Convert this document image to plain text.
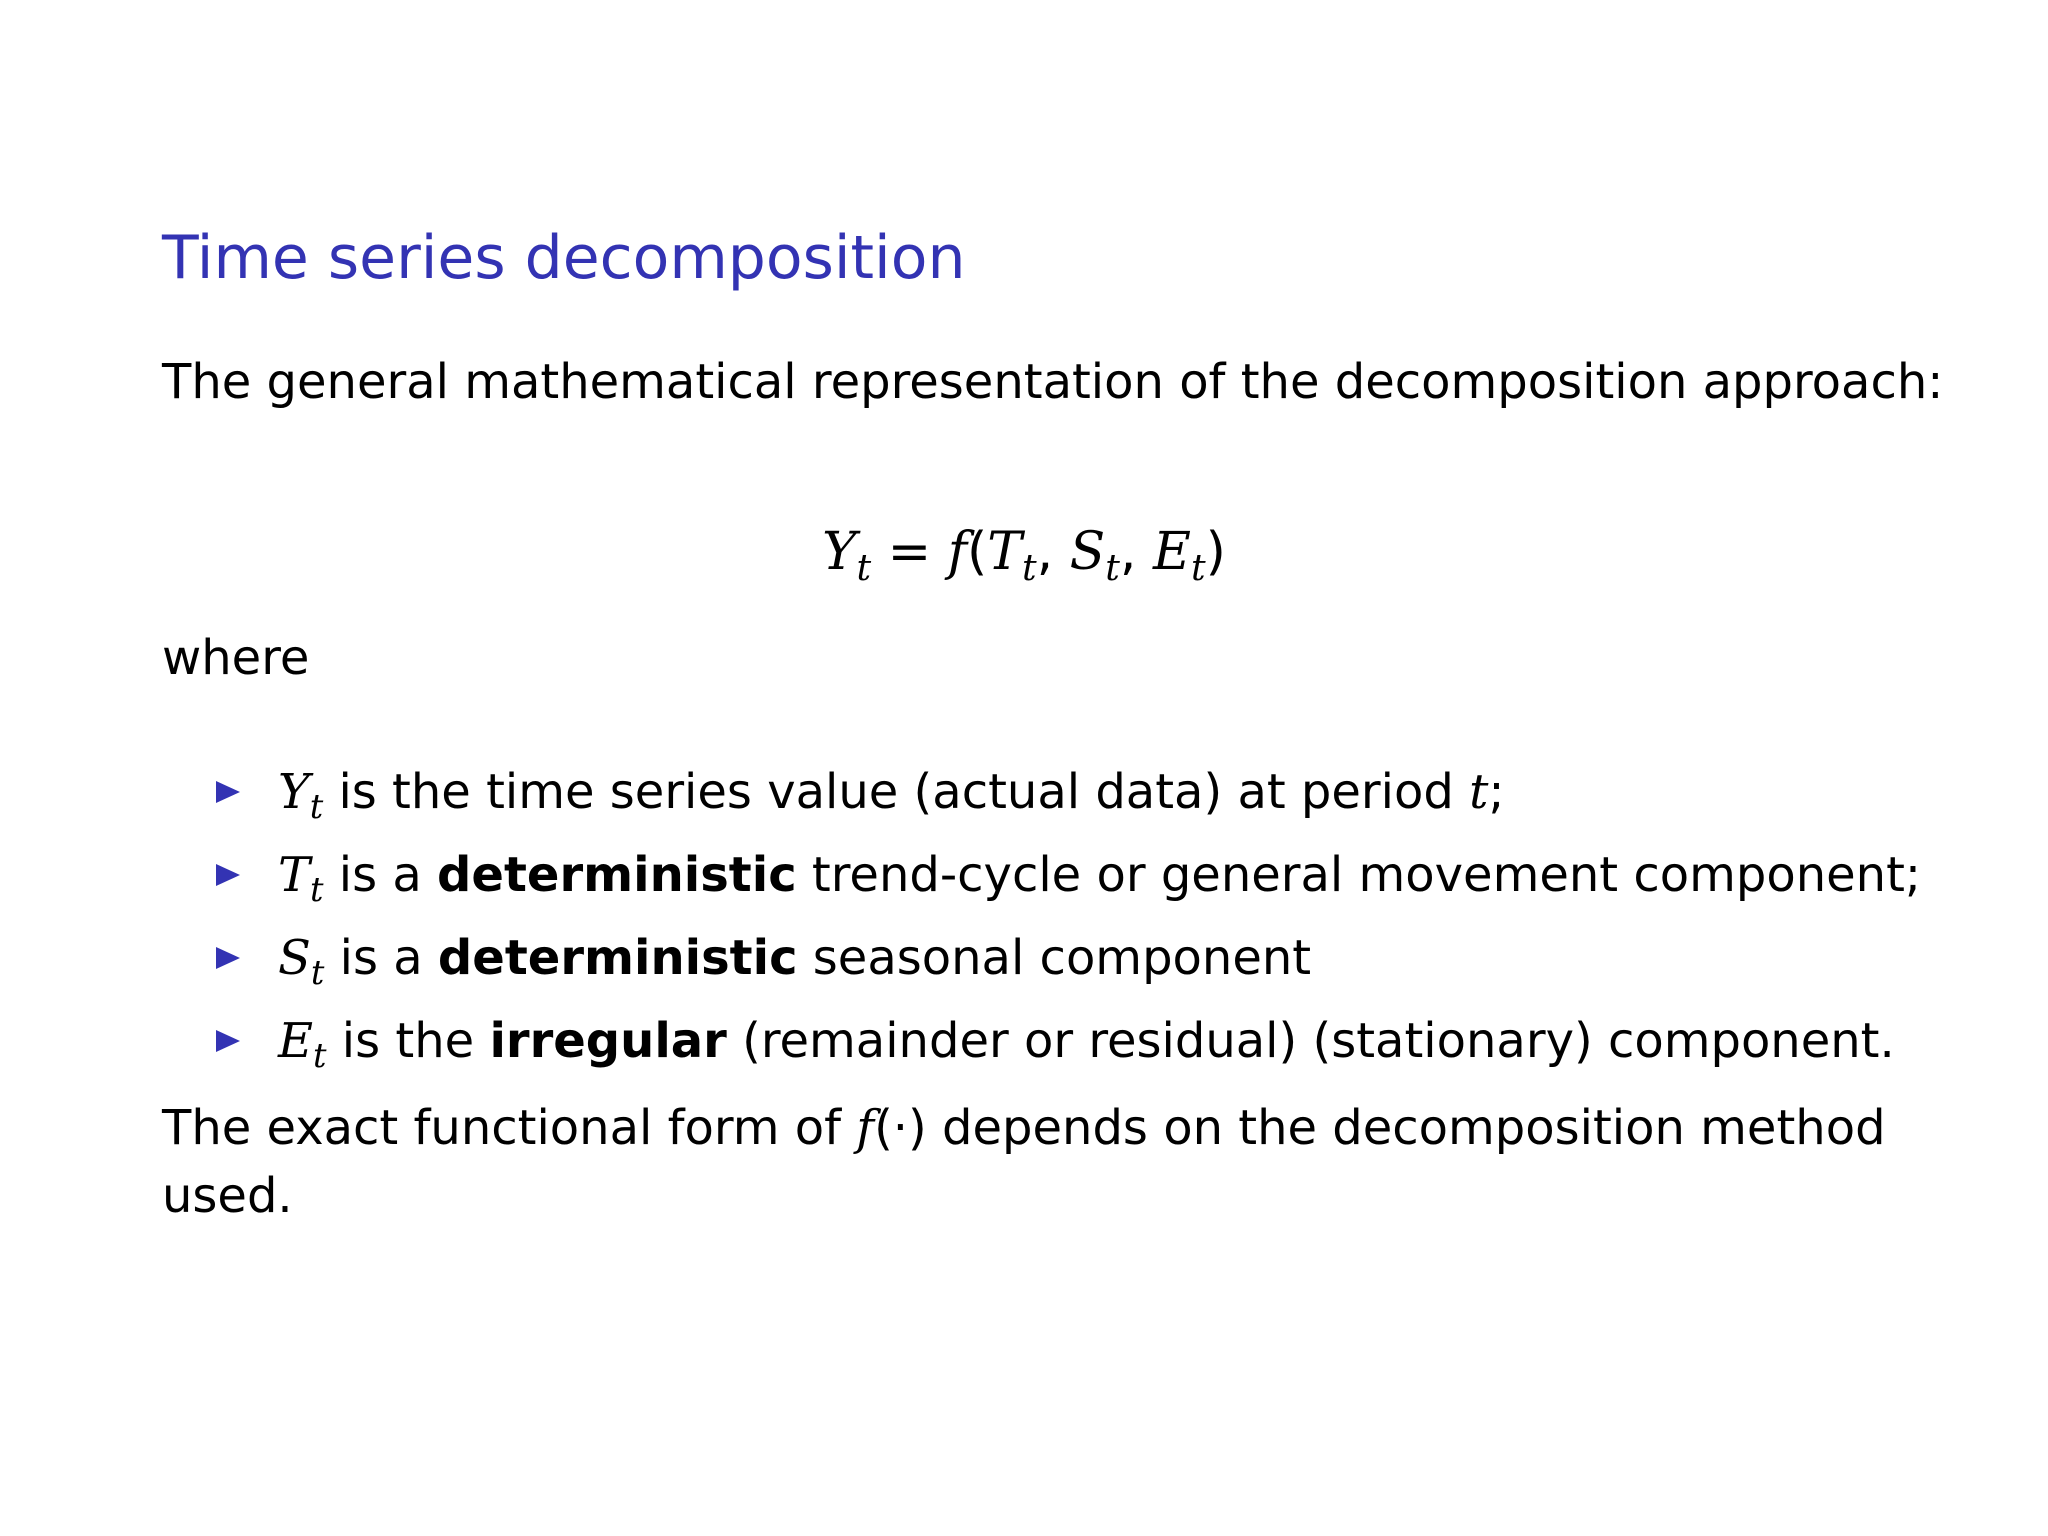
Time series decomposition
The general mathematical representation of the decomposition approach:
$Y_t = f(T_t$, $S_t$, $E_t$)
where
$Y_t$ is the time series value (actual data) at period t;
$T_t$ is a deterministic trend-cycle or general movement component;
$S_t$ is a deterministic seasonal component
$E_t$ is the irregular (remainder or residual) (stationary) component.
The exact functional form of f(·) depends on the decomposition method used.
